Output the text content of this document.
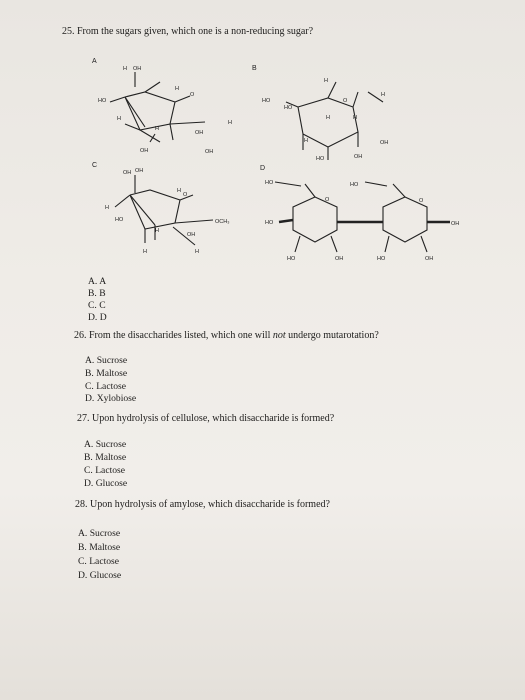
25. From the sugars given, which one is a non-reducing sugar?
A
H OH
HO
H
O
H
H
OH
H
OH	OH
B
H
HO
HO
O
H
H	H
H	OH
HO	OH
C
OH OH
H
O
H
HO	OCH₃
H
OH
H	H
D
HO	HO
O
HO
O
OH
HO	OH	HO	OH
A. A
B. B
C. C
D. D
26. From the disaccharides listed, which one will not undergo mutarotation?
A. Sucrose
B. Maltose
C. Lactose
D. Xylobiose
27. Upon hydrolysis of cellulose, which disaccharide is formed?
A. Sucrose
B. Maltose
C. Lactose
D. Glucose
28. Upon hydrolysis of amylose, which disaccharide is formed?
A. Sucrose
B. Maltose
C. Lactose
D. Glucose
